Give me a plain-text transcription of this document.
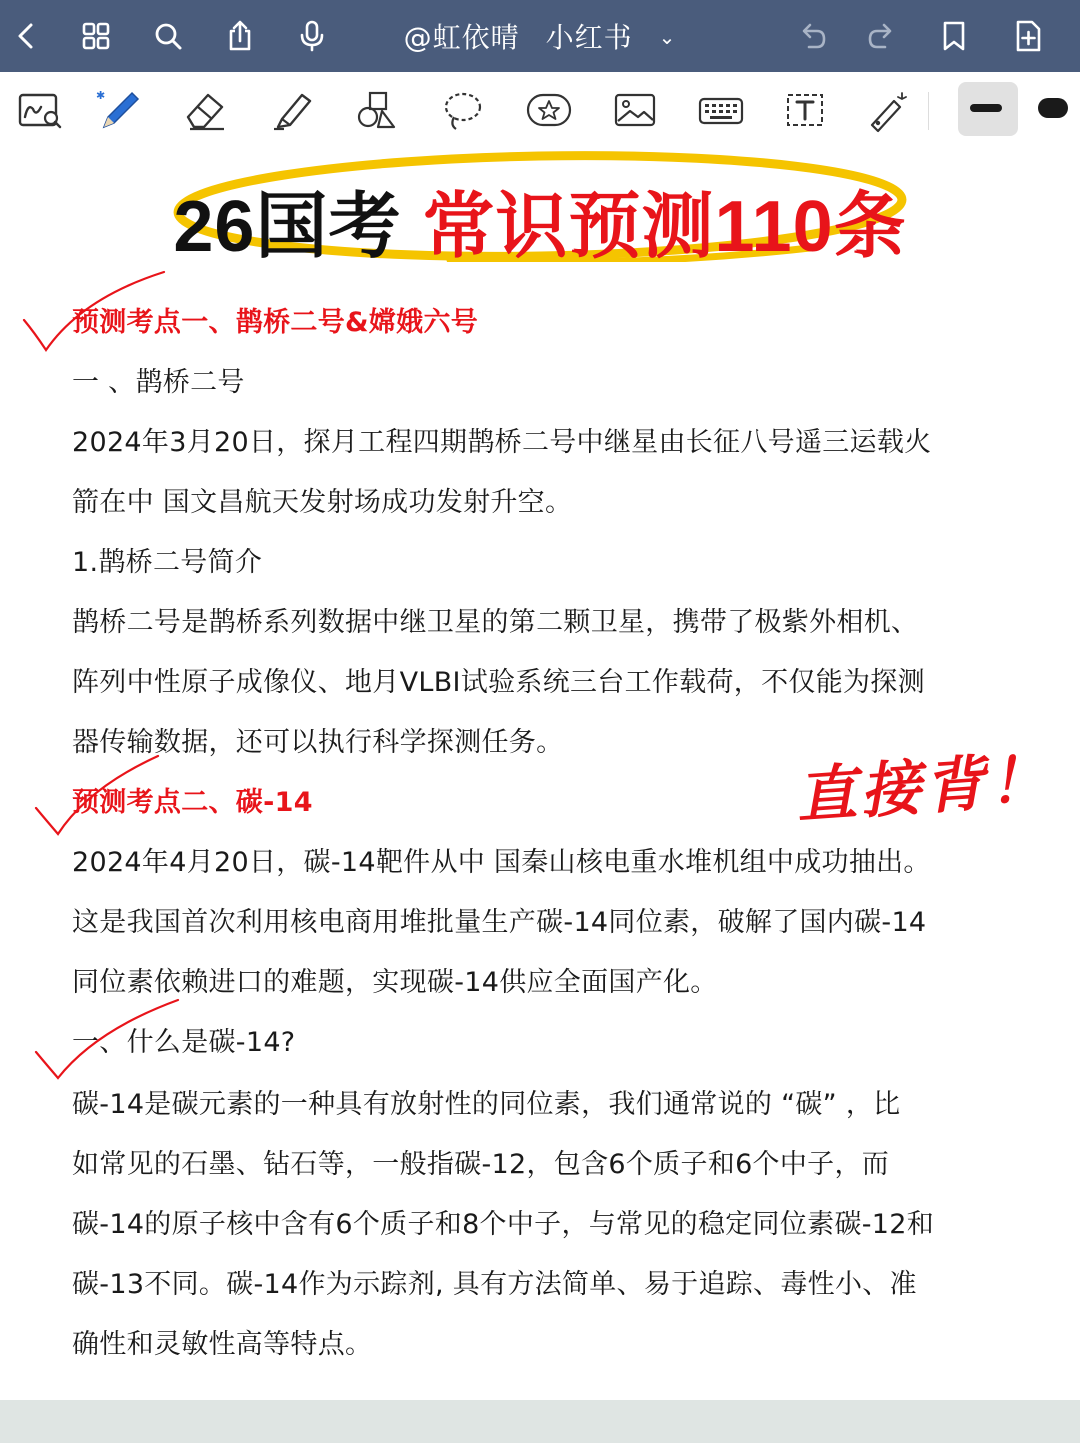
@虹依晴 小红书 ⌄
✱
26国考 常识预测110条
预测考点一、鹊桥二号&嫦娥六号
一 、鹊桥二号
2024年3月20日，探月工程四期鹊桥二号中继星由长征八号遥三运载火
箭在中 国文昌航天发射场成功发射升空。
1.鹊桥二号简介
鹊桥二号是鹊桥系列数据中继卫星的第二颗卫星，携带了极紫外相机、
阵列中性原子成像仪、地月VLBI试验系统三台工作载荷，不仅能为探测
器传输数据，还可以执行科学探测任务。
直接背！
预测考点二、碳-14
2024年4月20日，碳-14靶件从中 国秦山核电重水堆机组中成功抽出。
这是我国首次利用核电商用堆批量生产碳-14同位素，破解了国内碳-14
同位素依赖进口的难题，实现碳-14供应全面国产化。
一、什么是碳-14?
碳-14是碳元素的一种具有放射性的同位素，我们通常说的 “碳” ，比
如常见的石墨、钻石等，一般指碳-12，包含6个质子和6个中子，而
碳-14的原子核中含有6个质子和8个中子，与常见的稳定同位素碳-12和
碳-13不同。碳-14作为示踪剂, 具有方法简单、易于追踪、毒性小、准
确性和灵敏性高等特点。
